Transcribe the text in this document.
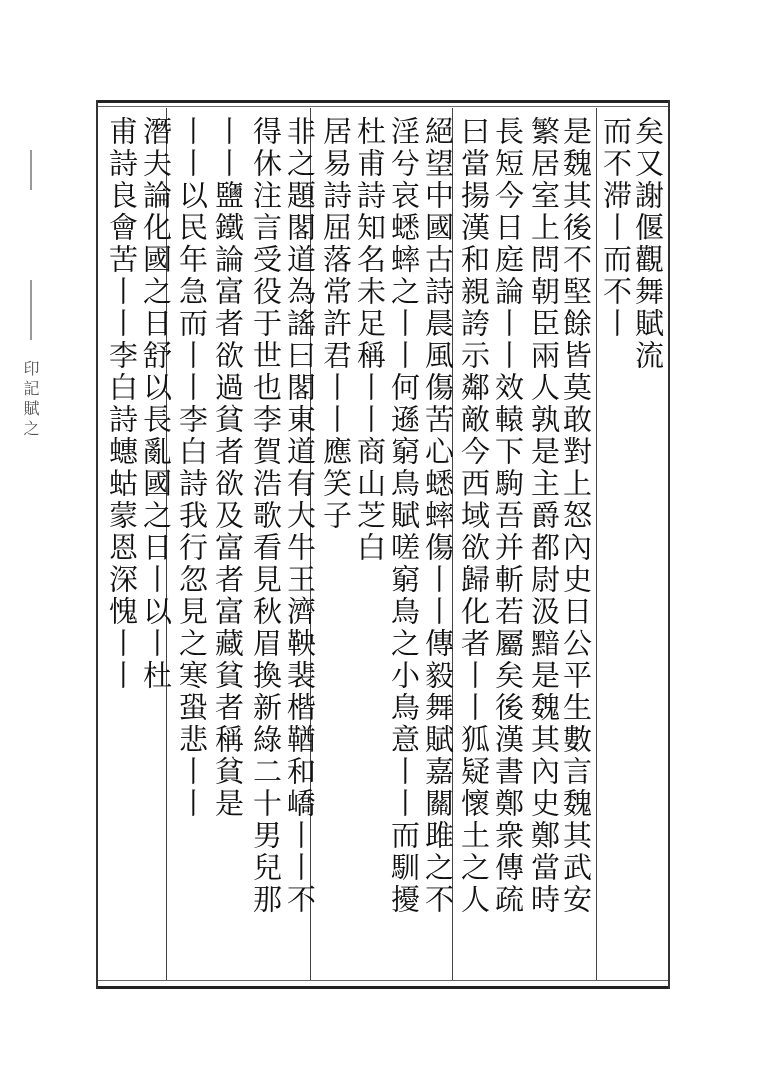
印記賦之
矣又謝偃觀舞賦流
而不滞丨而不丨
是魏其後不堅餘皆莫敢對上怒內史日公平生數言魏其武安
繁居室上問朝臣兩人孰是主爵都尉汲黯是魏其內史鄭當時
長短今日庭論丨丨效轅下駒吾并斬若屬矣後漢書鄭衆傳疏
曰當揚漢和親誇示鄰敵今西域欲歸化者丨丨狐疑懷土之人
絕望中國古詩晨風傷苦心蟋蟀傷丨丨傳毅舞賦嘉關雎之不
淫兮哀蟋蟀之丨丨何遜窮鳥賦嗟窮鳥之小鳥意丨丨而馴擾
杜甫詩知名未足稱丨丨商山芝白
居易詩屈落常許君丨丨應笑子
非之題閣道為謠曰閣東道有大牛王濟鞅裴楷鞧和嶠丨丨不
得休注言受役于世也李賀浩歌看見秋眉換新綠二十男兒那
丨丨鹽鐵論富者欲過貧者欲及富者富藏貧者稱貧是
丨丨以民年急而丨丨李白詩我行忽見之寒蛩悲丨丨
潛夫論化國之日舒以長亂國之日丨以丨杜
甫詩良會苦丨丨李白詩蟪蛄蒙恩深愧丨丨
